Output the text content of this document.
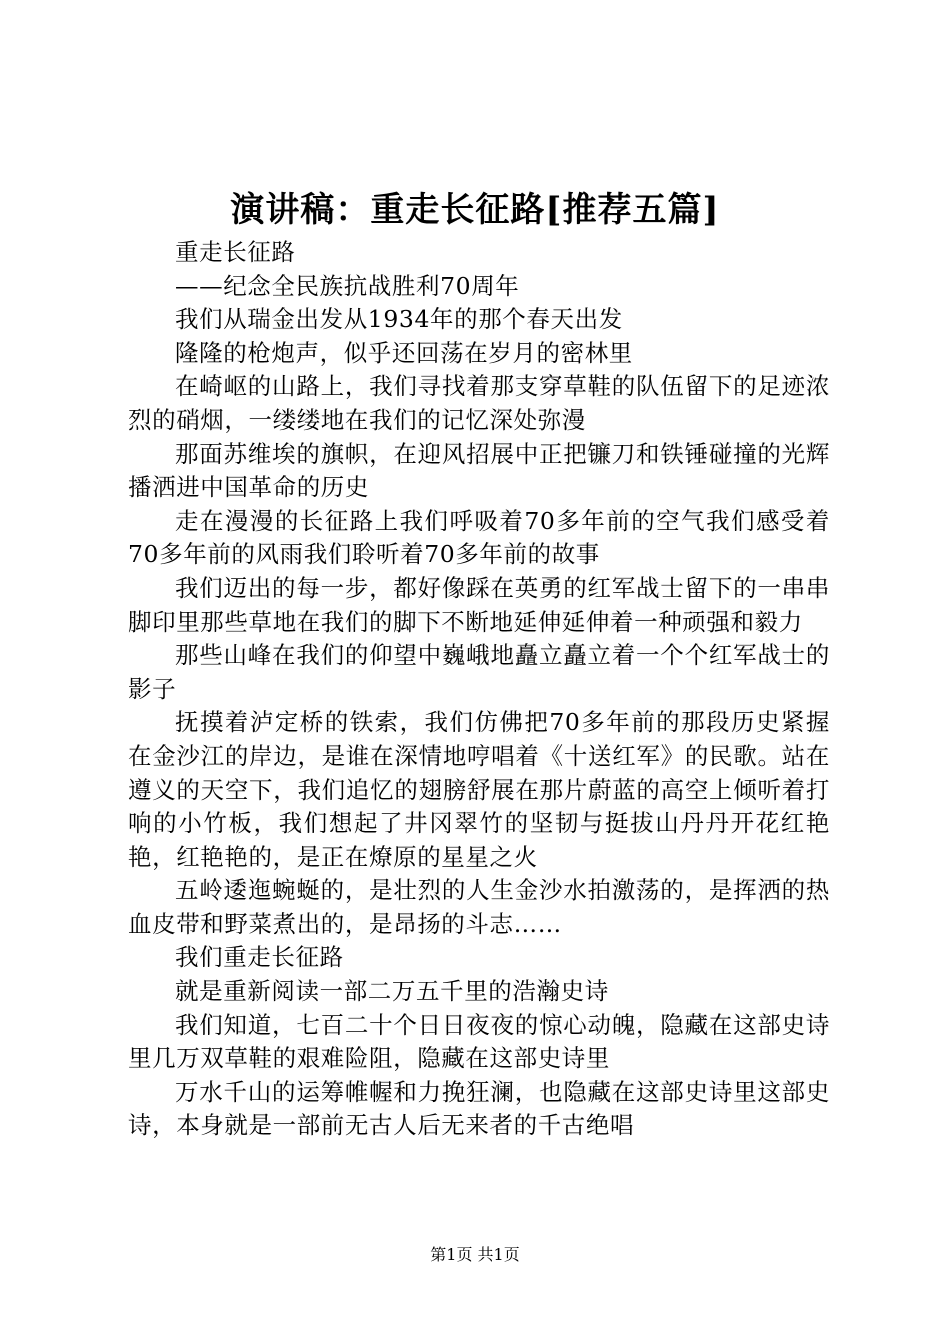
演讲稿：重走长征路[推荐五篇]

重走长征路

——纪念全民族抗战胜利70周年

我们从瑞金出发从1934年的那个春天出发

隆隆的枪炮声，似乎还回荡在岁月的密林里

在崎岖的山路上，我们寻找着那支穿草鞋的队伍留下的足迹浓烈的硝烟，一缕缕地在我们的记忆深处弥漫

那面苏维埃的旗帜，在迎风招展中正把镰刀和铁锤碰撞的光辉播洒进中国革命的历史

走在漫漫的长征路上我们呼吸着70多年前的空气我们感受着70多年前的风雨我们聆听着70多年前的故事

我们迈出的每一步，都好像踩在英勇的红军战士留下的一串串脚印里那些草地在我们的脚下不断地延伸延伸着一种顽强和毅力

那些山峰在我们的仰望中巍峨地矗立矗立着一个个红军战士的影子

抚摸着泸定桥的铁索，我们仿佛把70多年前的那段历史紧握在金沙江的岸边，是谁在深情地哼唱着《十送红军》的民歌。站在遵义的天空下，我们追忆的翅膀舒展在那片蔚蓝的高空上倾听着打响的小竹板，我们想起了井冈翠竹的坚韧与挺拔山丹丹开花红艳艳，红艳艳的，是正在燎原的星星之火

五岭逶迤蜿蜒的，是壮烈的人生金沙水拍激荡的，是挥洒的热血皮带和野菜煮出的，是昂扬的斗志……

我们重走长征路

就是重新阅读一部二万五千里的浩瀚史诗

我们知道，七百二十个日日夜夜的惊心动魄，隐藏在这部史诗里几万双草鞋的艰难险阻，隐藏在这部史诗里

万水千山的运筹帷幄和力挽狂澜，也隐藏在这部史诗里这部史诗，本身就是一部前无古人后无来者的千古绝唱

第1页 共1页
